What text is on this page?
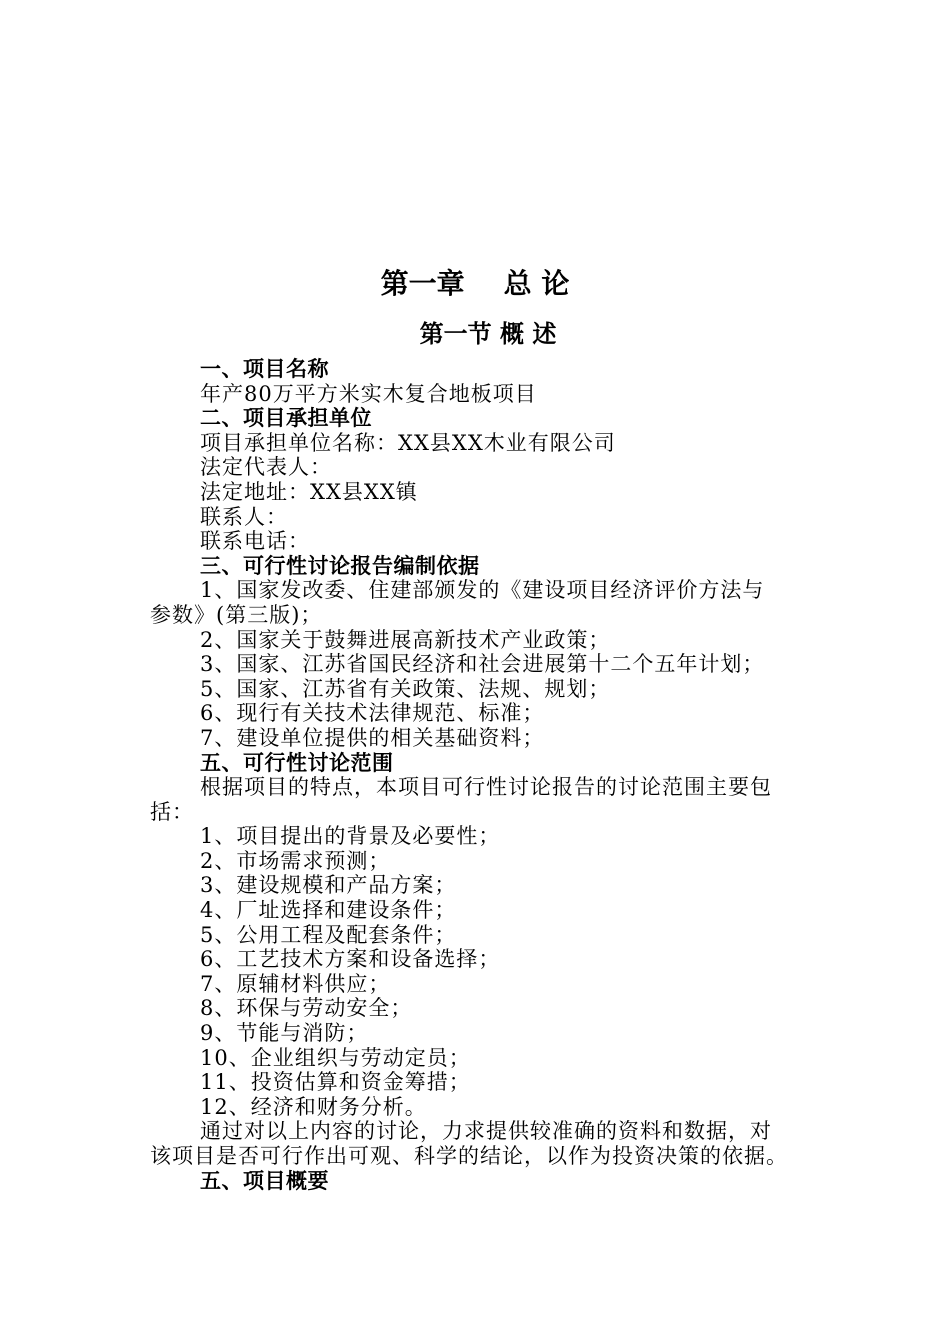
第一章    总 论
第一节 概 述
一、项目名称
年产80万平方米实木复合地板项目
二、项目承担单位
项目承担单位名称：XX县XX木业有限公司
法定代表人：
法定地址：XX县XX镇
联系人：
联系电话：
三、可行性讨论报告编制依据
1、国家发改委、住建部颁发的《建设项目经济评价方法与
参数》(第三版)；
2、国家关于鼓舞进展高新技术产业政策；
3、国家、江苏省国民经济和社会进展第十二个五年计划；
5、国家、江苏省有关政策、法规、规划；
6、现行有关技术法律规范、标准；
7、建设单位提供的相关基础资料；
五、可行性讨论范围
根据项目的特点，本项目可行性讨论报告的讨论范围主要包
括：
1、项目提出的背景及必要性；
2、市场需求预测；
3、建设规模和产品方案；
4、厂址选择和建设条件；
5、公用工程及配套条件；
6、工艺技术方案和设备选择；
7、原辅材料供应；
8、环保与劳动安全；
9、节能与消防；
10、企业组织与劳动定员；
11、投资估算和资金筹措；
12、经济和财务分析。
通过对以上内容的讨论，力求提供较准确的资料和数据，对
该项目是否可行作出可观、科学的结论，以作为投资决策的依据。
五、项目概要
